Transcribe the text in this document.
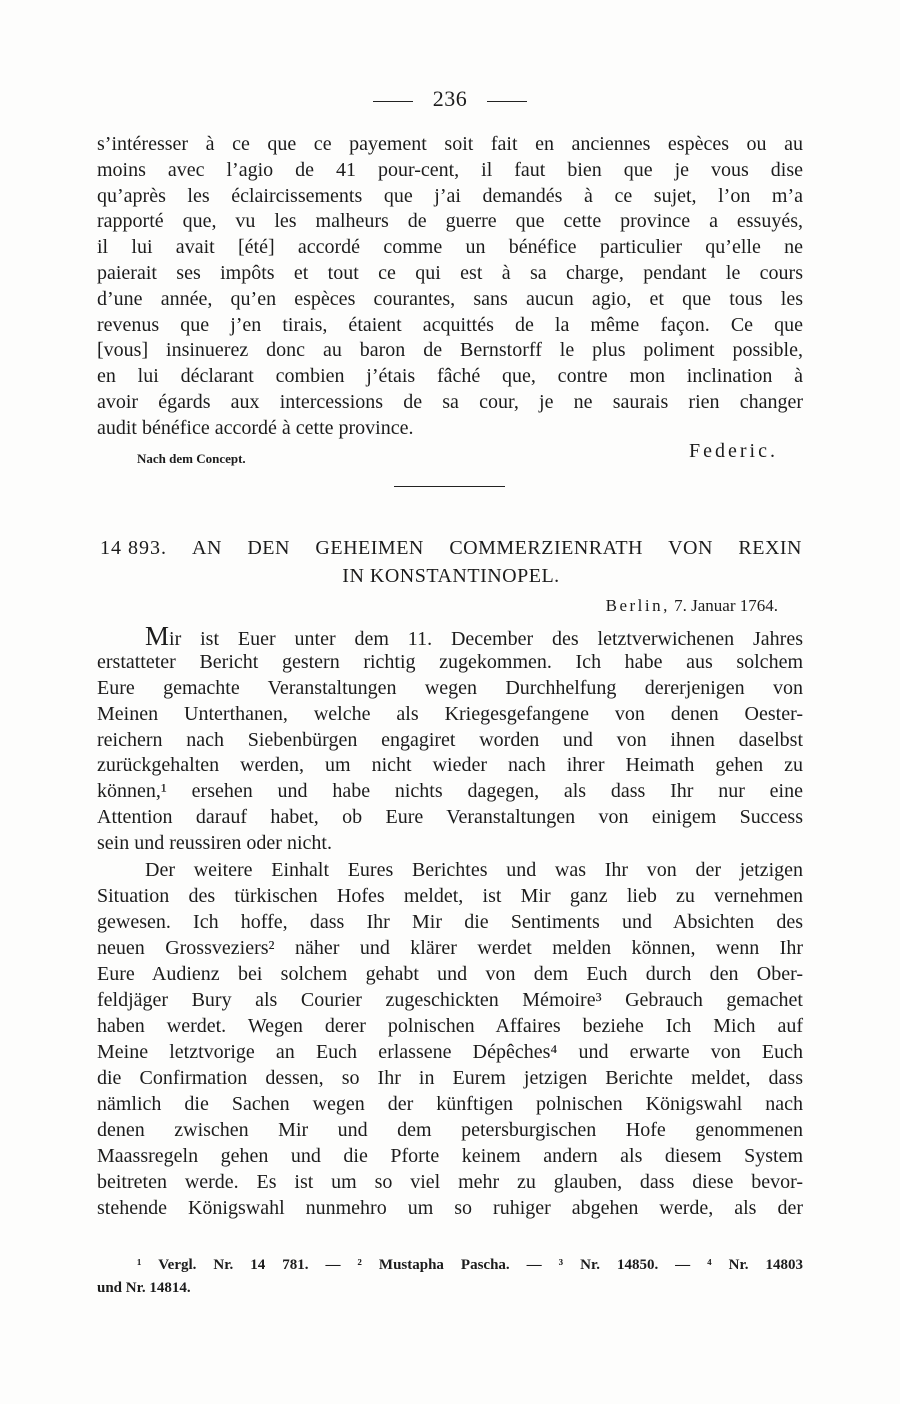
236
s’intéresser à ce que ce payement soit fait en anciennes espèces ou au
moins avec l’agio de 41 pour-cent, il faut bien que je vous dise
qu’après les éclaircissements que j’ai demandés à ce sujet, l’on m’a
rapporté que, vu les malheurs de guerre que cette province a essuyés,
il lui avait [été] accordé comme un bénéfice particulier qu’elle ne
paierait ses impôts et tout ce qui est à sa charge, pendant le cours
d’une année, qu’en espèces courantes, sans aucun agio, et que tous les
revenus que j’en tirais, étaient acquittés de la même façon. Ce que
[vous] insinuerez donc au baron de Bernstorff le plus poliment possible,
en lui déclarant combien j’étais fâché que, contre mon inclination à
avoir égards aux intercessions de sa cour, je ne saurais rien changer
audit bénéfice accordé à cette province.
Federic.
Nach dem Concept.
14 893.	AN DEN GEHEIMEN COMMERZIENRATH VON REXIN
IN KONSTANTINOPEL.
Berlin, 7. Januar 1764.
Mir ist Euer unter dem 11. December des letztverwichenen Jahres
erstatteter Bericht gestern richtig zugekommen. Ich habe aus solchem
Eure gemachte Veranstaltungen wegen Durchhelfung dererjenigen von
Meinen Unterthanen, welche als Kriegesgefangene von denen Oester-
reichern nach Siebenbürgen engagiret worden und von ihnen daselbst
zurückgehalten werden, um nicht wieder nach ihrer Heimath gehen zu
können,¹ ersehen und habe nichts dagegen, als dass Ihr nur eine
Attention darauf habet, ob Eure Veranstaltungen von einigem Success
sein und reussiren oder nicht.
Der weitere Einhalt Eures Berichtes und was Ihr von der jetzigen
Situation des türkischen Hofes meldet, ist Mir ganz lieb zu vernehmen
gewesen. Ich hoffe, dass Ihr Mir die Sentiments und Absichten des
neuen Grossveziers² näher und klärer werdet melden können, wenn Ihr
Eure Audienz bei solchem gehabt und von dem Euch durch den Ober-
feldjäger Bury als Courier zugeschickten Mémoire³ Gebrauch gemachet
haben werdet. Wegen derer polnischen Affaires beziehe Ich Mich auf
Meine letztvorige an Euch erlassene Dépêches⁴ und erwarte von Euch
die Confirmation dessen, so Ihr in Eurem jetzigen Berichte meldet, dass
nämlich die Sachen wegen der künftigen polnischen Königswahl nach
denen zwischen Mir und dem petersburgischen Hofe genommenen
Maassregeln gehen und die Pforte keinem andern als diesem System
beitreten werde. Es ist um so viel mehr zu glauben, dass diese bevor-
stehende Königswahl nunmehro um so ruhiger abgehen werde, als der
¹ Vergl. Nr. 14 781. — ² Mustapha Pascha. — ³ Nr. 14850. — ⁴ Nr. 14803
und Nr. 14814.
